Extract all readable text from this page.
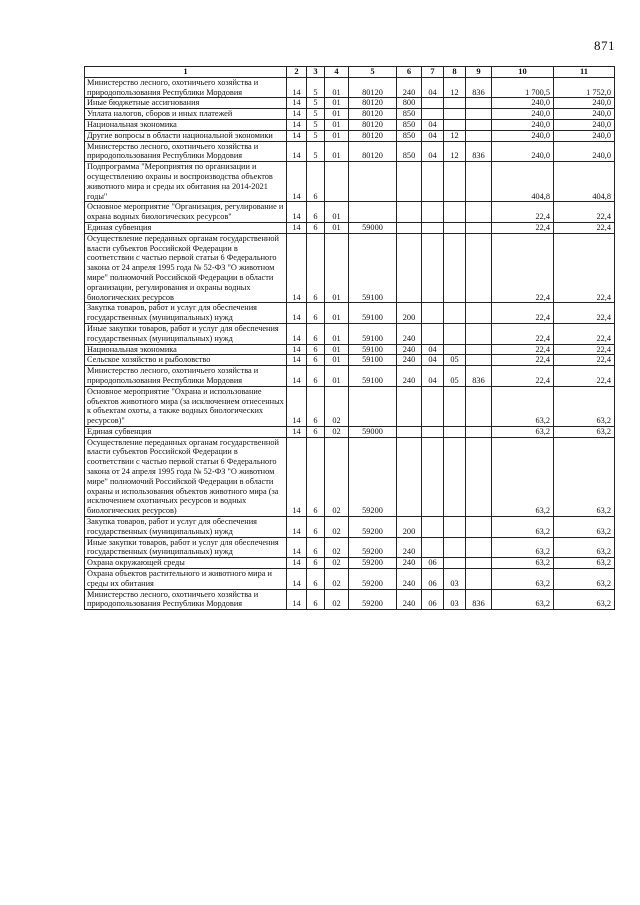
871
1	2	3	4	5	6	7	8	9	10	11
Министерство лесного, охотничьего хозяйства и природопользования Республики Мордовия	14	5	01	80120	240	04	12	836	1 700,5	1 752,0
Иные бюджетные ассигнования	14	5	01	80120	800				240,0	240,0
Уплата налогов, сборов и иных платежей	14	5	01	80120	850				240,0	240,0
Национальная экономика	14	5	01	80120	850	04			240,0	240,0
Другие вопросы в области национальной экономики	14	5	01	80120	850	04	12		240,0	240,0
Министерство лесного, охотничьего хозяйства и природопользования Республики Мордовия	14	5	01	80120	850	04	12	836	240,0	240,0
Подпрограмма "Мероприятия по организации и осуществлению охраны и воспроизводства объектов животного мира и среды их обитания на 2014-2021 годы"	14	6							404,8	404,8
Основное мероприятие "Организация, регулирование и охрана водных биологических ресурсов"	14	6	01						22,4	22,4
Единая субвенция	14	6	01	59000					22,4	22,4
Осуществление переданных органам государственной власти субъектов Российской Федерации в соответствии с частью первой статьи 6 Федерального закона от 24 апреля 1995 года № 52-ФЗ "О животном мире" полномочий Российской Федерации в области организации, регулирования и охраны водных биологических ресурсов	14	6	01	59100					22,4	22,4
Закупка товаров, работ и услуг для обеспечения государственных (муниципальных) нужд	14	6	01	59100	200				22,4	22,4
Иные закупки товаров, работ и услуг для обеспечения государственных (муниципальных) нужд	14	6	01	59100	240				22,4	22,4
Национальная экономика	14	6	01	59100	240	04			22,4	22,4
Сельское хозяйство и рыболовство	14	6	01	59100	240	04	05		22,4	22,4
Министерство лесного, охотничьего хозяйства и природопользования Республики Мордовия	14	6	01	59100	240	04	05	836	22,4	22,4
Основное мероприятие "Охрана и использование объектов животного мира (за исключением отнесенных к объектам охоты, а также водных биологических ресурсов)"	14	6	02						63,2	63,2
Единая субвенция	14	6	02	59000					63,2	63,2
Осуществление переданных органам государственной власти субъектов Российской Федерации в соответствии с частью первой статьи 6 Федерального закона от 24 апреля 1995 года № 52-ФЗ "О животном мире" полномочий Российской Федерации в области охраны и использования объектов животного мира (за исключением охотничьих ресурсов и водных биологических ресурсов)	14	6	02	59200					63,2	63,2
Закупка товаров, работ и услуг для обеспечения государственных (муниципальных) нужд	14	6	02	59200	200				63,2	63,2
Иные закупки товаров, работ и услуг для обеспечения государственных (муниципальных) нужд	14	6	02	59200	240				63,2	63,2
Охрана окружающей среды	14	6	02	59200	240	06			63,2	63,2
Охрана объектов растительного и животного мира и среды их обитания	14	6	02	59200	240	06	03		63,2	63,2
Министерство лесного, охотничьего хозяйства и природопользования Республики Мордовия	14	6	02	59200	240	06	03	836	63,2	63,2
